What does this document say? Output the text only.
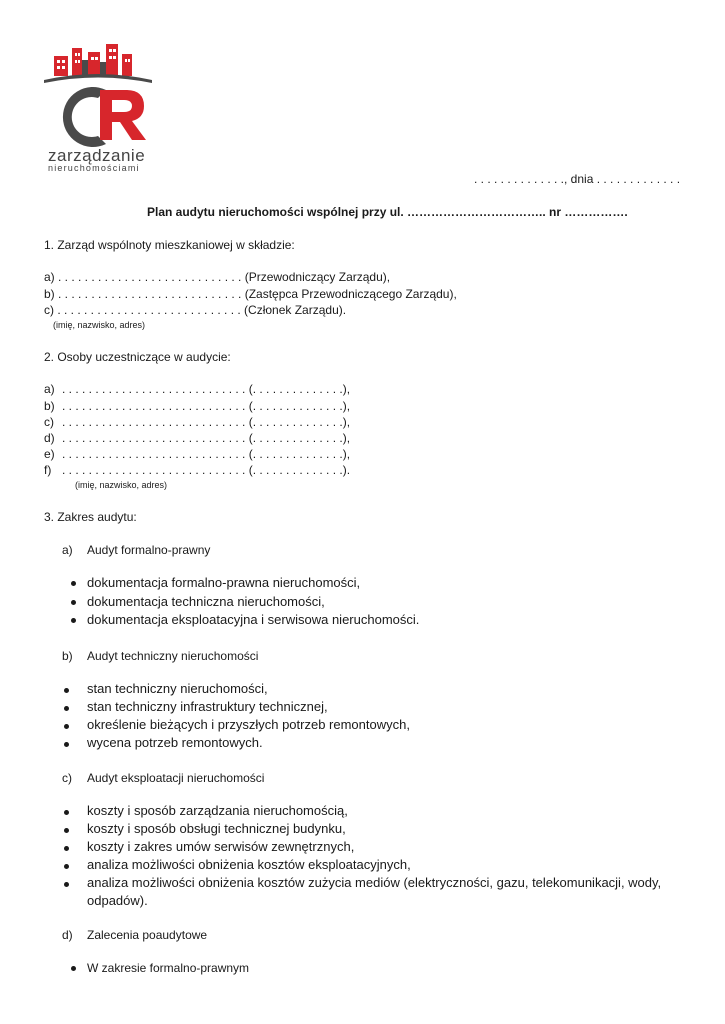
zarządzanie
nieruchomościami
. . . . . . . . . . . . . ., dnia . . . . . . . . . . . . .
Plan audytu nieruchomości wspólnej przy ul. …………………………….. nr …………….
1. Zarząd wspólnoty mieszkaniowej w składzie:
a) . . . . . . . . . . . . . . . . . . . . . . . . . . . . (Przewodniczący Zarządu),
b) . . . . . . . . . . . . . . . . . . . . . . . . . . . . (Zastępca Przewodniczącego Zarządu),
c) . . . . . . . . . . . . . . . . . . . . . . . . . . . . (Członek Zarządu).
(imię, nazwisko, adres)
2. Osoby uczestniczące w audycie:
a) . . . . . . . . . . . . . . . . . . . . . . . . . . . . (. . . . . . . . . . . . . .),
b) . . . . . . . . . . . . . . . . . . . . . . . . . . . . (. . . . . . . . . . . . . .),
c) . . . . . . . . . . . . . . . . . . . . . . . . . . . . (. . . . . . . . . . . . . .),
d) . . . . . . . . . . . . . . . . . . . . . . . . . . . . (. . . . . . . . . . . . . .),
e) . . . . . . . . . . . . . . . . . . . . . . . . . . . . (. . . . . . . . . . . . . .),
f) . . . . . . . . . . . . . . . . . . . . . . . . . . . . (. . . . . . . . . . . . . .).
(imię, nazwisko, adres)
3. Zakres audytu:
a) Audyt formalno-prawny
dokumentacja formalno-prawna nieruchomości,
dokumentacja techniczna nieruchomości,
dokumentacja eksploatacyjna i serwisowa nieruchomości.
b) Audyt techniczny nieruchomości
stan techniczny nieruchomości,
stan techniczny infrastruktury technicznej,
określenie bieżących i przyszłych potrzeb remontowych,
wycena potrzeb remontowych.
c) Audyt eksploatacji nieruchomości
koszty i sposób zarządzania nieruchomością,
koszty i sposób obsługi technicznej budynku,
koszty i zakres umów serwisów zewnętrznych,
analiza możliwości obniżenia kosztów eksploatacyjnych,
analiza możliwości obniżenia kosztów zużycia mediów (elektryczności, gazu, telekomunikacji, wody,
odpadów).
d) Zalecenia poaudytowe
W zakresie formalno-prawnym
